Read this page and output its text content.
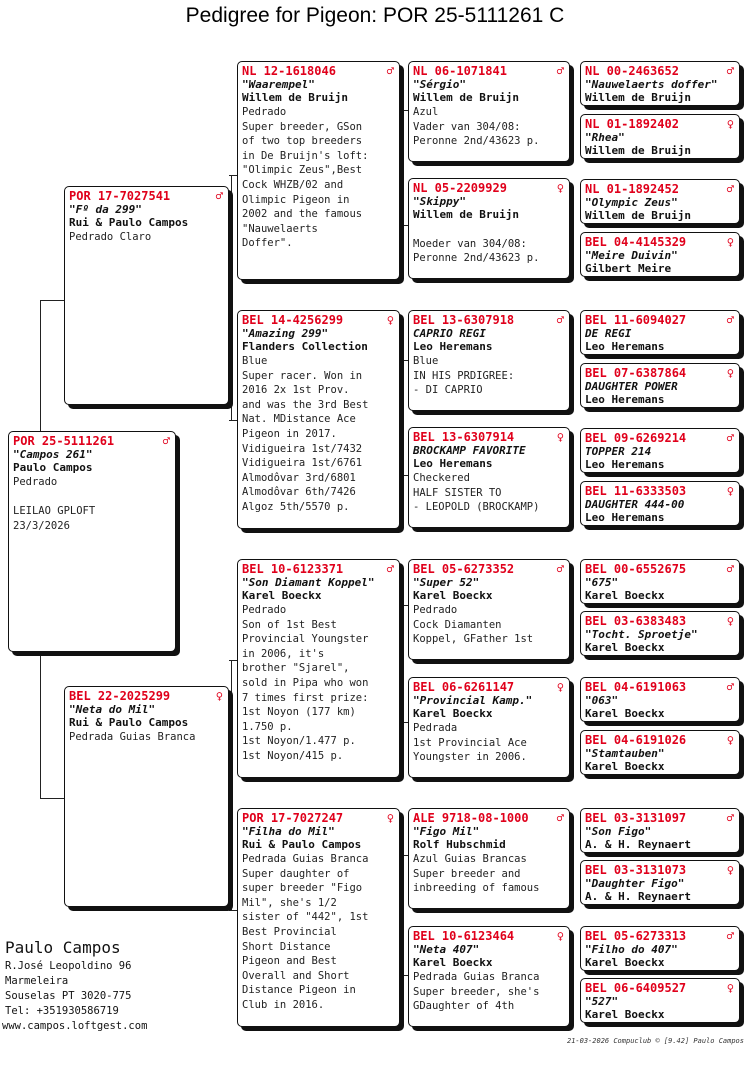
Pedigree for Pigeon: POR 25-5111261 C
POR 25-5111261	♂
"Campos 261"
Paulo Campos
Pedrado

LEILAO GPLOFT
23/3/2026
POR 17-7027541	♂
"Fº da 299"
Rui & Paulo Campos
Pedrado Claro
BEL 22-2025299	♀
"Neta do Mil"
Rui & Paulo Campos
Pedrada Guias Branca
NL 12-1618046	♂
"Waarempel"
Willem de Bruijn
Pedrado
Super breeder, GSon
of two top breeders
in De Bruijn's loft:
"Olimpic Zeus",Best
Cock WHZB/02 and
Olimpic Pigeon in
2002 and the famous
"Nauwelaerts
Doffer".
BEL 14-4256299	♀
"Amazing 299"
Flanders Collection
Blue
Super racer. Won in
2016 2x 1st Prov.
and was the 3rd Best
Nat. MDistance Ace
Pigeon in 2017.
Vidigueira 1st/7432
Vidigueira 1st/6761
Almodôvar 3rd/6801
Almodôvar 6th/7426
Algoz 5th/5570 p.
BEL 10-6123371	♂
"Son Diamant Koppel"
Karel Boeckx
Pedrado
Son of 1st Best
Provincial Youngster
in 2006, it's
brother "Sjarel",
sold in Pipa who won
7 times first prize:
1st Noyon (177 km)
1.750 p.
1st Noyon/1.477 p.
1st Noyon/415 p.
POR 17-7027247	♀
"Filha do Mil"
Rui & Paulo Campos
Pedrada Guias Branca
Super daughter of
super breeder "Figo
Mil", she's 1/2
sister of "442", 1st
Best Provincial
Short Distance
Pigeon and Best
Overall and Short
Distance Pigeon in
Club in 2016.
NL 06-1071841	♂
"Sérgio"
Willem de Bruijn
Azul
Vader van 304/08:
Peronne 2nd/43623 p.
NL 05-2209929	♀
"Skippy"
Willem de Bruijn

Moeder van 304/08:
Peronne 2nd/43623 p.
BEL 13-6307918	♂
CAPRIO REGI
Leo Heremans
Blue
IN HIS PRDIGREE:
- DI CAPRIO
BEL 13-6307914	♀
BROCKAMP FAVORITE
Leo Heremans
Checkered
HALF SISTER TO
- LEOPOLD (BROCKAMP)
BEL 05-6273352	♂
"Super 52"
Karel Boeckx
Pedrado
Cock Diamanten
Koppel, GFather 1st
BEL 06-6261147	♀
"Provincial Kamp."
Karel Boeckx
Pedrada
1st Provincial Ace
Youngster in 2006.
ALE 9718-08-1000	♂
"Figo Mil"
Rolf Hubschmid
Azul Guias Brancas
Super breeder and
inbreeding of famous
BEL 10-6123464	♀
"Neta 407"
Karel Boeckx
Pedrada Guias Branca
Super breeder, she's
GDaughter of 4th
NL 00-2463652	♂
"Nauwelaerts doffer"
Willem de Bruijn
NL 01-1892402	♀
"Rhea"
Willem de Bruijn
NL 01-1892452	♂
"Olympic Zeus"
Willem de Bruijn
BEL 04-4145329	♀
"Meire Duivin"
Gilbert Meire
BEL 11-6094027	♂
DE REGI
Leo Heremans
BEL 07-6387864	♀
DAUGHTER POWER
Leo Heremans
BEL 09-6269214	♂
TOPPER 214
Leo Heremans
BEL 11-6333503	♀
DAUGHTER 444-00
Leo Heremans
BEL 00-6552675	♂
"675"
Karel Boeckx
BEL 03-6383483	♀
"Tocht. Sproetje"
Karel Boeckx
BEL 04-6191063	♂
"063"
Karel Boeckx
BEL 04-6191026	♀
"Stamtauben"
Karel Boeckx
BEL 03-3131097	♂
"Son Figo"
A. & H. Reynaert
BEL 03-3131073	♀
"Daughter Figo"
A. & H. Reynaert
BEL 05-6273313	♂
"Filho do 407"
Karel Boeckx
BEL 06-6409527	♀
"527"
Karel Boeckx
Paulo Campos
R.José Leopoldino 96
Marmeleira
Souselas PT 3020-775
Tel: +351930586719
www.campos.loftgest.com
21-03-2026 Compuclub © [9.42] Paulo Campos
